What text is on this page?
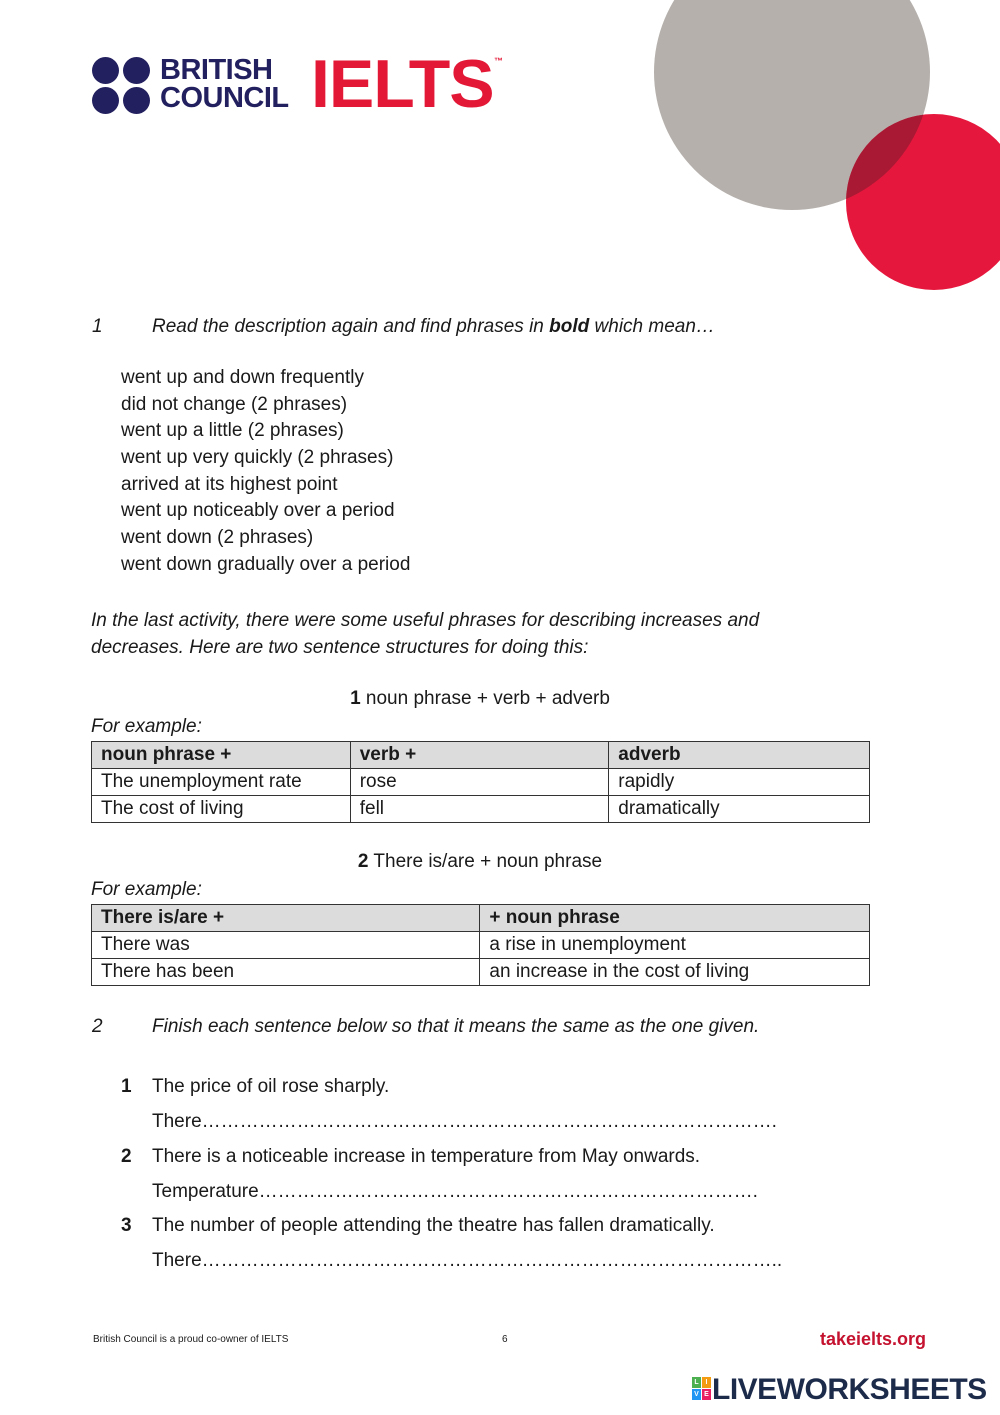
BRITISH
COUNCIL IELTS ™
1	Read the description again and find phrases in bold which mean…
went up and down frequently
did not change (2 phrases)
went up a little (2 phrases)
went up very quickly (2 phrases)
arrived at its highest point
went up noticeably over a period
went down (2 phrases)
went down gradually over a period
In the last activity, there were some useful phrases for describing increases and
decreases. Here are two sentence structures for doing this:
1 noun phrase + verb + adverb
For example:
noun phrase +	verb +	adverb
The unemployment rate	rose	rapidly
The cost of living	fell	dramatically
2 There is/are + noun phrase
For example:
There is/are +	+ noun phrase
There was	a rise in unemployment
There has been	an increase in the cost of living
2	Finish each sentence below so that it means the same as the one given.
1 The price of oil rose sharply.
There……………………………………………………………………………….
2 There is a noticeable increase in temperature from May onwards.
Temperature…………………………………………………………………….
3 The number of people attending the theatre has fallen dramatically.
There………………………………………………………………………………..
British Council is a proud co-owner of IELTS	6	takeielts.org
L I
V E LIVEWORKSHEETS
